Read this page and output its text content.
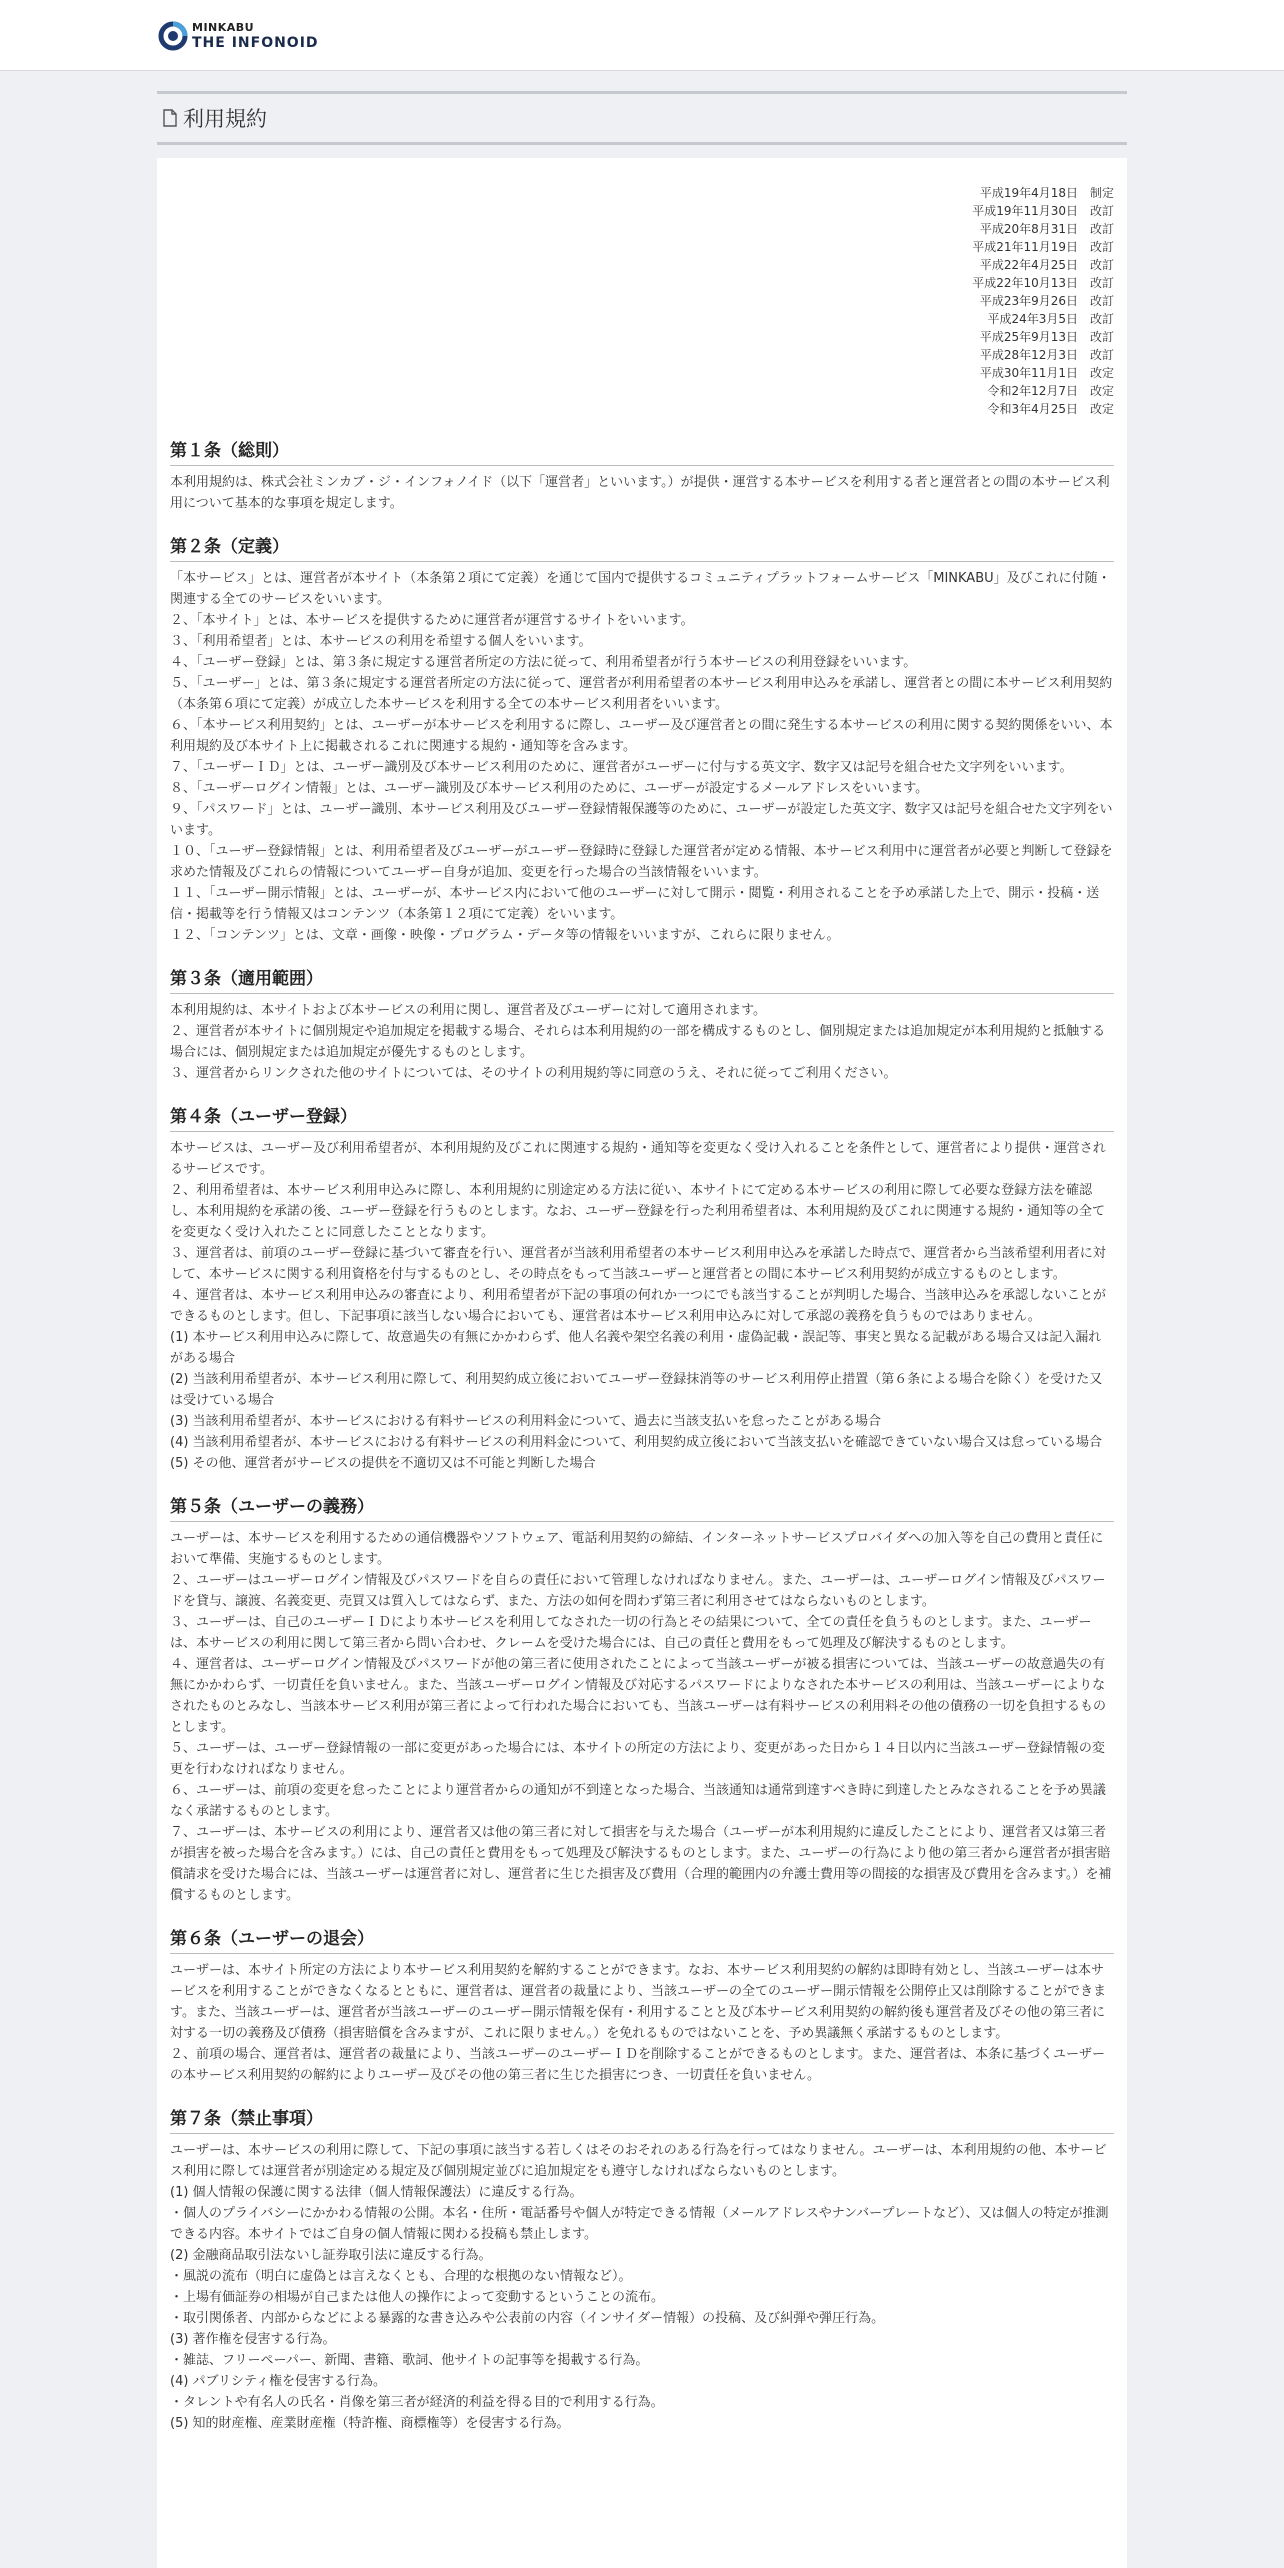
MINKABU
THE INFONOID
利用規約
平成19年4月18日 制定
平成19年11月30日 改訂
平成20年8月31日 改訂
平成21年11月19日 改訂
平成22年4月25日 改訂
平成22年10月13日 改訂
平成23年9月26日 改訂
平成24年3月5日 改訂
平成25年9月13日 改訂
平成28年12月3日 改訂
平成30年11月1日 改定
令和2年12月7日 改定
令和3年4月25日 改定
第１条（総則）
本利用規約は、株式会社ミンカブ・ジ・インフォノイド（以下「運営者」といいます。）が提供・運営する本サービスを利用する者と運営者との間の本サービス利用について基本的な事項を規定します。
第２条（定義）
「本サービス」とは、運営者が本サイト（本条第２項にて定義）を通じて国内で提供するコミュニティプラットフォームサービス「MINKABU」及びこれに付随・関連する全てのサービスをいいます。
２、「本サイト」とは、本サービスを提供するために運営者が運営するサイトをいいます。
３、「利用希望者」とは、本サービスの利用を希望する個人をいいます。
４、「ユーザー登録」とは、第３条に規定する運営者所定の方法に従って、利用希望者が行う本サービスの利用登録をいいます。
５、「ユーザー」とは、第３条に規定する運営者所定の方法に従って、運営者が利用希望者の本サービス利用申込みを承諾し、運営者との間に本サービス利用契約（本条第６項にて定義）が成立した本サービスを利用する全ての本サービス利用者をいいます。
６、「本サービス利用契約」とは、ユーザーが本サービスを利用するに際し、ユーザー及び運営者との間に発生する本サービスの利用に関する契約関係をいい、本利用規約及び本サイト上に掲載されるこれに関連する規約・通知等を含みます。
７、「ユーザーＩＤ」とは、ユーザー識別及び本サービス利用のために、運営者がユーザーに付与する英文字、数字又は記号を組合せた文字列をいいます。
８、「ユーザーログイン情報」とは、ユーザー識別及び本サービス利用のために、ユーザーが設定するメールアドレスをいいます。
９、「パスワード」とは、ユーザー識別、本サービス利用及びユーザー登録情報保護等のために、ユーザーが設定した英文字、数字又は記号を組合せた文字列をいいます。
１０、「ユーザー登録情報」とは、利用希望者及びユーザーがユーザー登録時に登録した運営者が定める情報、本サービス利用中に運営者が必要と判断して登録を求めた情報及びこれらの情報についてユーザー自身が追加、変更を行った場合の当該情報をいいます。
１１、「ユーザー開示情報」とは、ユーザーが、本サービス内において他のユーザーに対して開示・閲覧・利用されることを予め承諾した上で、開示・投稿・送信・掲載等を行う情報又はコンテンツ（本条第１２項にて定義）をいいます。
１２、「コンテンツ」とは、文章・画像・映像・プログラム・データ等の情報をいいますが、これらに限りません。
第３条（適用範囲）
本利用規約は、本サイトおよび本サービスの利用に関し、運営者及びユーザーに対して適用されます。
２、運営者が本サイトに個別規定や追加規定を掲載する場合、それらは本利用規約の一部を構成するものとし、個別規定または追加規定が本利用規約と抵触する場合には、個別規定または追加規定が優先するものとします。
３、運営者からリンクされた他のサイトについては、そのサイトの利用規約等に同意のうえ、それに従ってご利用ください。
第４条（ユーザー登録）
本サービスは、ユーザー及び利用希望者が、本利用規約及びこれに関連する規約・通知等を変更なく受け入れることを条件として、運営者により提供・運営されるサービスです。
２、利用希望者は、本サービス利用申込みに際し、本利用規約に別途定める方法に従い、本サイトにて定める本サービスの利用に際して必要な登録方法を確認し、本利用規約を承諾の後、ユーザー登録を行うものとします。なお、ユーザー登録を行った利用希望者は、本利用規約及びこれに関連する規約・通知等の全てを変更なく受け入れたことに同意したこととなります。
３、運営者は、前項のユーザー登録に基づいて審査を行い、運営者が当該利用希望者の本サービス利用申込みを承諾した時点で、運営者から当該希望利用者に対して、本サービスに関する利用資格を付与するものとし、その時点をもって当該ユーザーと運営者との間に本サービス利用契約が成立するものとします。
４、運営者は、本サービス利用申込みの審査により、利用希望者が下記の事項の何れか一つにでも該当することが判明した場合、当該申込みを承認しないことができるものとします。但し、下記事項に該当しない場合においても、運営者は本サービス利用申込みに対して承認の義務を負うものではありません。
(1) 本サービス利用申込みに際して、故意過失の有無にかかわらず、他人名義や架空名義の利用・虚偽記載・誤記等、事実と異なる記載がある場合又は記入漏れがある場合
(2) 当該利用希望者が、本サービス利用に際して、利用契約成立後においてユーザー登録抹消等のサービス利用停止措置（第６条による場合を除く）を受けた又は受けている場合
(3) 当該利用希望者が、本サービスにおける有料サービスの利用料金について、過去に当該支払いを怠ったことがある場合
(4) 当該利用希望者が、本サービスにおける有料サービスの利用料金について、利用契約成立後において当該支払いを確認できていない場合又は怠っている場合
(5) その他、運営者がサービスの提供を不適切又は不可能と判断した場合
第５条（ユーザーの義務）
ユーザーは、本サービスを利用するための通信機器やソフトウェア、電話利用契約の締結、インターネットサービスプロバイダへの加入等を自己の費用と責任において準備、実施するものとします。
２、ユーザーはユーザーログイン情報及びパスワードを自らの責任において管理しなければなりません。また、ユーザーは、ユーザーログイン情報及びパスワードを貸与、譲渡、名義変更、売買又は質入してはならず、また、方法の如何を問わず第三者に利用させてはならないものとします。
３、ユーザーは、自己のユーザーＩＤにより本サービスを利用してなされた一切の行為とその結果について、全ての責任を負うものとします。また、ユーザーは、本サービスの利用に関して第三者から問い合わせ、クレームを受けた場合には、自己の責任と費用をもって処理及び解決するものとします。
４、運営者は、ユーザーログイン情報及びパスワードが他の第三者に使用されたことによって当該ユーザーが被る損害については、当該ユーザーの故意過失の有無にかかわらず、一切責任を負いません。また、当該ユーザーログイン情報及び対応するパスワードによりなされた本サービスの利用は、当該ユーザーによりなされたものとみなし、当該本サービス利用が第三者によって行われた場合においても、当該ユーザーは有料サービスの利用料その他の債務の一切を負担するものとします。
５、ユーザーは、ユーザー登録情報の一部に変更があった場合には、本サイトの所定の方法により、変更があった日から１４日以内に当該ユーザー登録情報の変更を行わなければなりません。
６、ユーザーは、前項の変更を怠ったことにより運営者からの通知が不到達となった場合、当該通知は通常到達すべき時に到達したとみなされることを予め異議なく承諾するものとします。
７、ユーザーは、本サービスの利用により、運営者又は他の第三者に対して損害を与えた場合（ユーザーが本利用規約に違反したことにより、運営者又は第三者が損害を被った場合を含みます。）には、自己の責任と費用をもって処理及び解決するものとします。また、ユーザーの行為により他の第三者から運営者が損害賠償請求を受けた場合には、当該ユーザーは運営者に対し、運営者に生じた損害及び費用（合理的範囲内の弁護士費用等の間接的な損害及び費用を含みます。）を補償するものとします。
第６条（ユーザーの退会）
ユーザーは、本サイト所定の方法により本サービス利用契約を解約することができます。なお、本サービス利用契約の解約は即時有効とし、当該ユーザーは本サービスを利用することができなくなるとともに、運営者は、運営者の裁量により、当該ユーザーの全てのユーザー開示情報を公開停止又は削除することができます。また、当該ユーザーは、運営者が当該ユーザーのユーザー開示情報を保有・利用することと及び本サービス利用契約の解約後も運営者及びその他の第三者に対する一切の義務及び債務（損害賠償を含みますが、これに限りません。）を免れるものではないことを、予め異議無く承諾するものとします。
２、前項の場合、運営者は、運営者の裁量により、当該ユーザーのユーザーＩＤを削除することができるものとします。また、運営者は、本条に基づくユーザーの本サービス利用契約の解約によりユーザー及びその他の第三者に生じた損害につき、一切責任を負いません。
第７条（禁止事項）
ユーザーは、本サービスの利用に際して、下記の事項に該当する若しくはそのおそれのある行為を行ってはなりません。ユーザーは、本利用規約の他、本サービス利用に際しては運営者が別途定める規定及び個別規定並びに追加規定をも遵守しなければならないものとします。
(1) 個人情報の保護に関する法律（個人情報保護法）に違反する行為。
・個人のプライバシーにかかわる情報の公開。本名・住所・電話番号や個人が特定できる情報（メールアドレスやナンバープレートなど）、又は個人の特定が推測できる内容。本サイトではご自身の個人情報に関わる投稿も禁止します。
(2) 金融商品取引法ないし証券取引法に違反する行為。
・風説の流布（明白に虚偽とは言えなくとも、合理的な根拠のない情報など）。
・上場有価証券の相場が自己または他人の操作によって変動するということの流布。
・取引関係者、内部からなどによる暴露的な書き込みや公表前の内容（インサイダー情報）の投稿、及び糾弾や弾圧行為。
(3) 著作権を侵害する行為。
・雑誌、フリーペーパー、新聞、書籍、歌詞、他サイトの記事等を掲載する行為。
(4) パブリシティ権を侵害する行為。
・タレントや有名人の氏名・肖像を第三者が経済的利益を得る目的で利用する行為。
(5) 知的財産権、産業財産権（特許権、商標権等）を侵害する行為。
